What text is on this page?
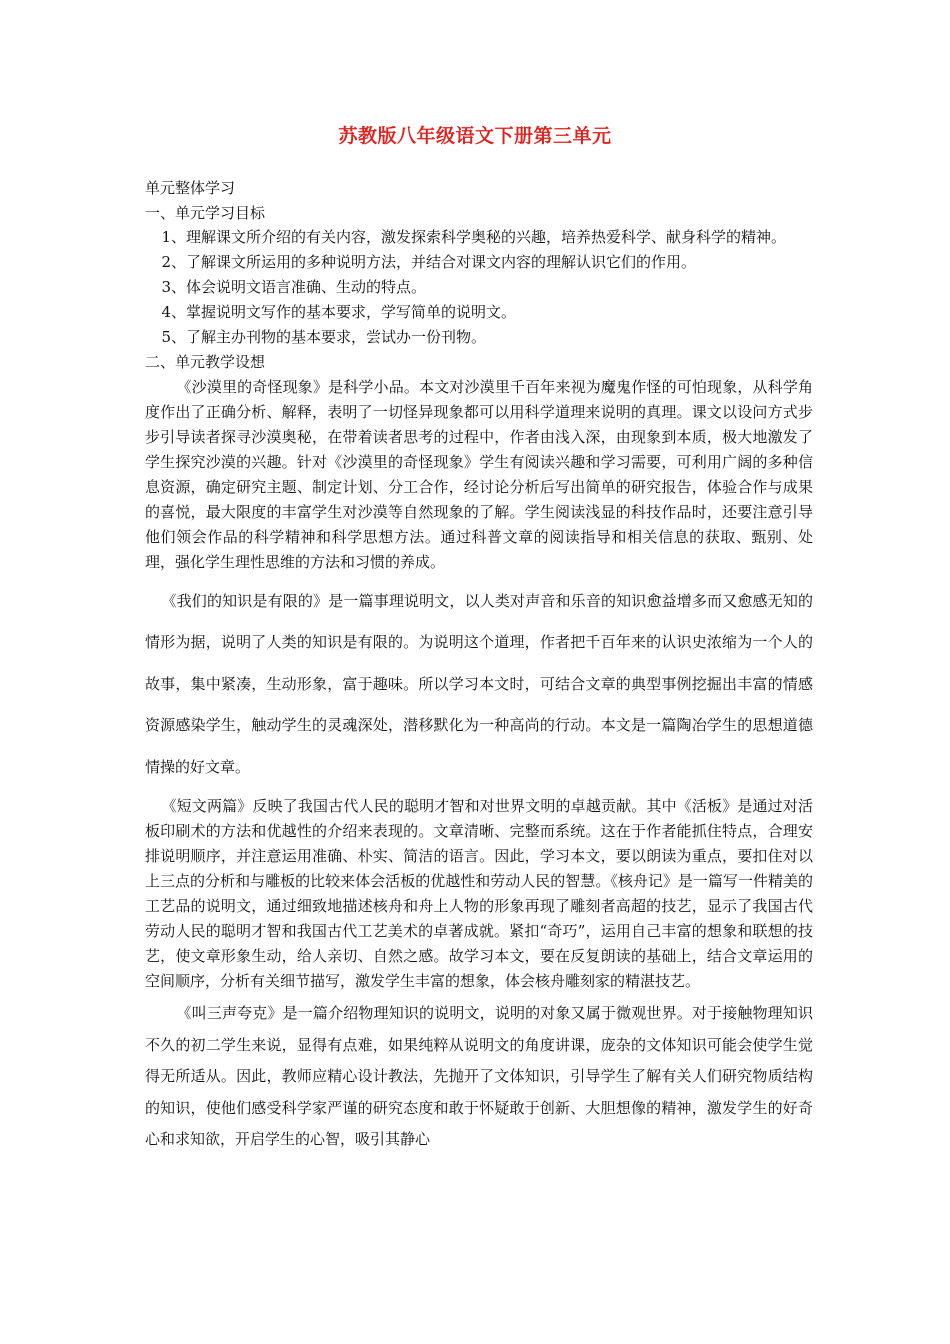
苏教版八年级语文下册第三单元

单元整体学习

一、单元学习目标

1、理解课文所介绍的有关内容，激发探索科学奥秘的兴趣，培养热爱科学、献身科学的精神。

2、了解课文所运用的多种说明方法，并结合对课文内容的理解认识它们的作用。

3、体会说明文语言准确、生动的特点。

4、掌握说明文写作的基本要求，学写简单的说明文。

5、了解主办刊物的基本要求，尝试办一份刊物。

二、单元教学设想

《沙漠里的奇怪现象》是科学小品。本文对沙漠里千百年来视为魔鬼作怪的可怕现象，从科学角度作出了正确分析、解释，表明了一切怪异现象都可以用科学道理来说明的真理。课文以设问方式步步引导读者探寻沙漠奥秘，在带着读者思考的过程中，作者由浅入深，由现象到本质，极大地激发了学生探究沙漠的兴趣。针对《沙漠里的奇怪现象》学生有阅读兴趣和学习需要，可利用广阔的多种信息资源，确定研究主题、制定计划、分工合作，经讨论分析后写出简单的研究报告，体验合作与成果的喜悦，最大限度的丰富学生对沙漠等自然现象的了解。学生阅读浅显的科技作品时，还要注意引导他们领会作品的科学精神和科学思想方法。通过科普文章的阅读指导和相关信息的获取、甄别、处理，强化学生理性思维的方法和习惯的养成。

《我们的知识是有限的》是一篇事理说明文，以人类对声音和乐音的知识愈益增多而又愈感无知的情形为据，说明了人类的知识是有限的。为说明这个道理，作者把千百年来的认识史浓缩为一个人的故事，集中紧凑，生动形象，富于趣味。所以学习本文时，可结合文章的典型事例挖掘出丰富的情感资源感染学生，触动学生的灵魂深处，潜移默化为一种高尚的行动。本文是一篇陶冶学生的思想道德情操的好文章。

《短文两篇》反映了我国古代人民的聪明才智和对世界文明的卓越贡献。其中《活板》是通过对活板印刷术的方法和优越性的介绍来表现的。文章清晰、完整而系统。这在于作者能抓住特点，合理安排说明顺序，并注意运用准确、朴实、简洁的语言。因此，学习本文，要以朗读为重点，要扣住对以上三点的分析和与雕板的比较来体会活板的优越性和劳动人民的智慧。《核舟记》是一篇写一件精美的工艺品的说明文，通过细致地描述核舟和舟上人物的形象再现了雕刻者高超的技艺，显示了我国古代劳动人民的聪明才智和我国古代工艺美术的卓著成就。紧扣“奇巧”，运用自己丰富的想象和联想的技艺，使文章形象生动，给人亲切、自然之感。故学习本文，要在反复朗读的基础上，结合文章运用的空间顺序，分析有关细节描写，激发学生丰富的想象，体会核舟雕刻家的精湛技艺。

《叫三声夸克》是一篇介绍物理知识的说明文，说明的对象又属于微观世界。对于接触物理知识不久的初二学生来说，显得有点难，如果纯粹从说明文的角度讲课，庞杂的文体知识可能会使学生觉得无所适从。因此，教师应精心设计教法，先抛开了文体知识，引导学生了解有关人们研究物质结构的知识，使他们感受科学家严谨的研究态度和敢于怀疑敢于创新、大胆想像的精神，激发学生的好奇心和求知欲，开启学生的心智，吸引其静心
